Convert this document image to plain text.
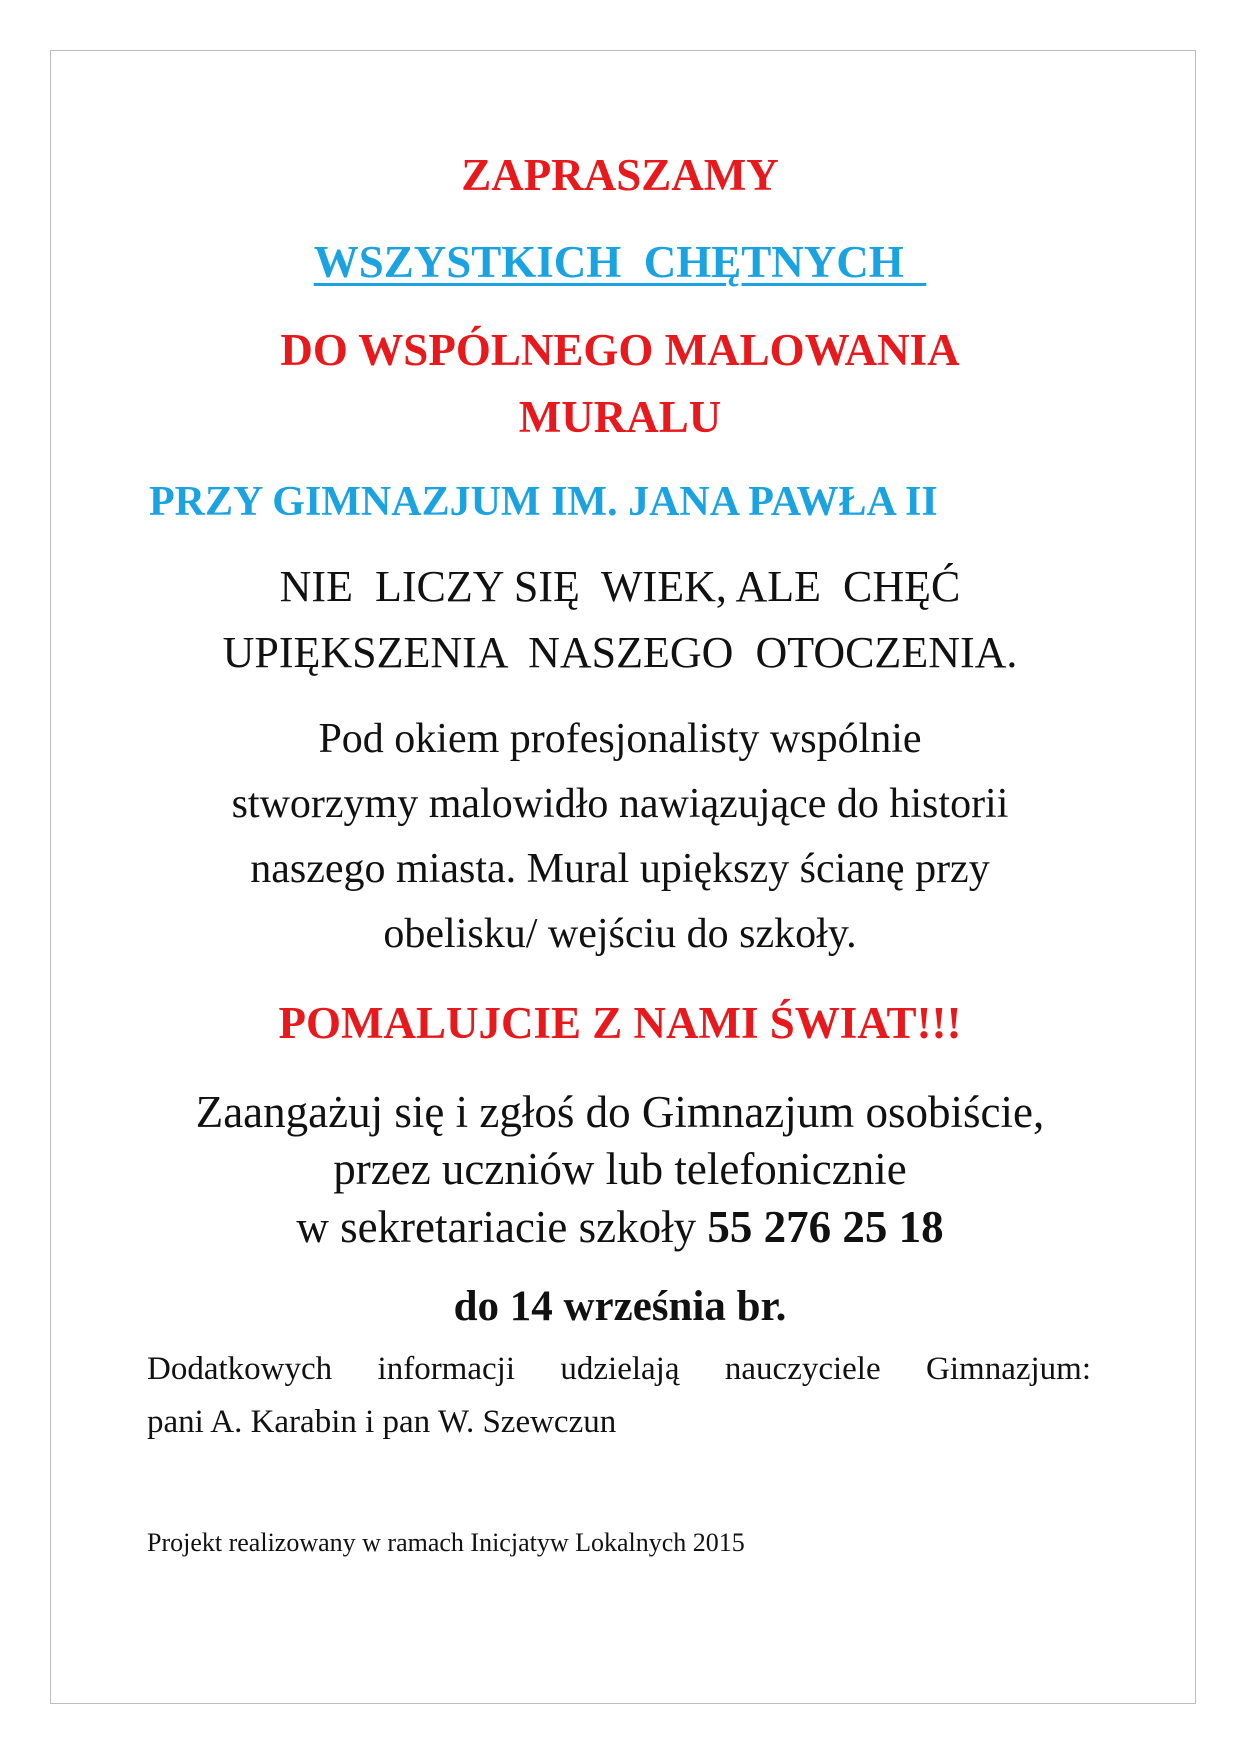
ZAPRASZAMY
WSZYSTKICH  CHĘTNYCH
DO WSPÓLNEGO MALOWANIA
MURALU
PRZY GIMNAZJUM IM. JANA PAWŁA II
NIE  LICZY SIĘ  WIEK, ALE  CHĘĆ
UPIĘKSZENIA  NASZEGO  OTOCZENIA.
Pod okiem profesjonalisty wspólnie
stworzymy malowidło nawiązujące do historii
naszego miasta. Mural upiększy ścianę przy
obelisku/ wejściu do szkoły.
POMALUJCIE Z NAMI ŚWIAT!!!
Zaangażuj się i zgłoś do Gimnazjum osobiście,
przez uczniów lub telefonicznie
w sekretariacie szkoły 55 276 25 18
do 14 września br.
Dodatkowych informacji udzielają nauczyciele Gimnazjum:
pani A. Karabin i pan W. Szewczun
Projekt realizowany w ramach Inicjatyw Lokalnych 2015
